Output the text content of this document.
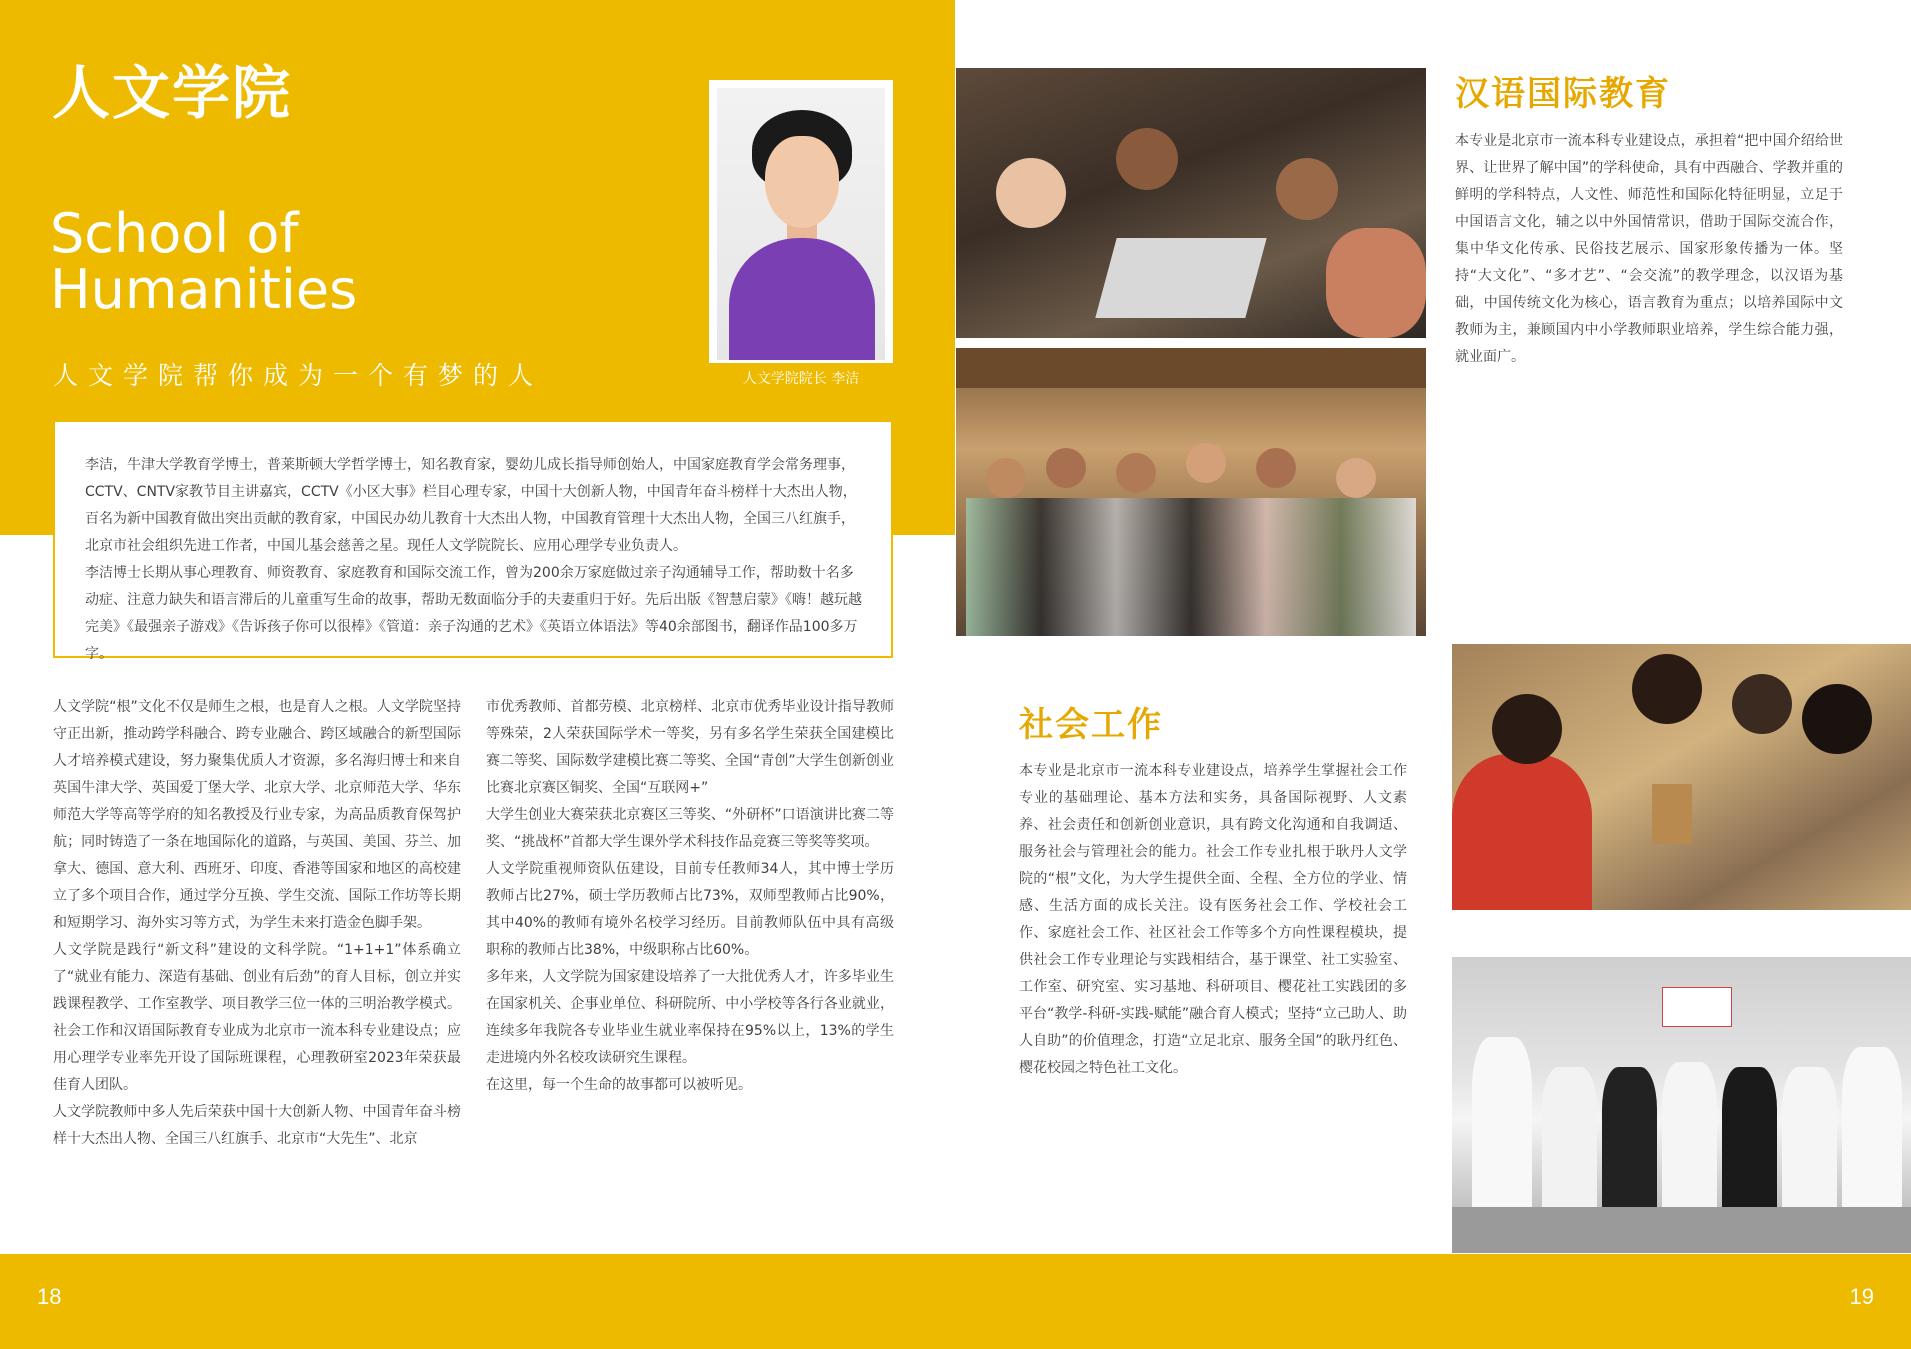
人文学院
School of
Humanities
人文学院帮你成为一个有梦的人	人文学院院长 李洁

李洁，牛津大学教育学博士，普莱斯顿大学哲学博士，知名教育家，婴幼儿成长指导师创始人，中国家庭教育学会常务理事，CCTV、CNTV家教节目主讲嘉宾，CCTV《小区大事》栏目心理专家，中国十大创新人物，中国青年奋斗榜样十大杰出人物，百名为新中国教育做出突出贡献的教育家，中国民办幼儿教育十大杰出人物，中国教育管理十大杰出人物，全国三八红旗手，北京市社会组织先进工作者，中国儿基会慈善之星。现任人文学院院长、应用心理学专业负责人。

李洁博士长期从事心理教育、师资教育、家庭教育和国际交流工作，曾为200余万家庭做过亲子沟通辅导工作，帮助数十名多动症、注意力缺失和语言滞后的儿童重写生命的故事，帮助无数面临分手的夫妻重归于好。先后出版《智慧启蒙》《嗨！越玩越完美》《最强亲子游戏》《告诉孩子你可以很棒》《管道：亲子沟通的艺术》《英语立体语法》等40余部图书，翻译作品100多万字。

人文学院“根”文化不仅是师生之根，也是育人之根。人文学院坚持守正出新，推动跨学科融合、跨专业融合、跨区域融合的新型国际人才培养模式建设，努力聚集优质人才资源，多名海归博士和来自英国牛津大学、英国爱丁堡大学、北京大学、北京师范大学、华东师范大学等高等学府的知名教授及行业专家，为高品质教育保驾护航；同时铸造了一条在地国际化的道路，与英国、美国、芬兰、加拿大、德国、意大利、西班牙、印度、香港等国家和地区的高校建立了多个项目合作，通过学分互换、学生交流、国际工作坊等长期和短期学习、海外实习等方式，为学生未来打造金色脚手架。

人文学院是践行“新文科”建设的文科学院。“1+1+1”体系确立了“就业有能力、深造有基础、创业有后劲”的育人目标，创立并实践课程教学、工作室教学、项目教学三位一体的三明治教学模式。社会工作和汉语国际教育专业成为北京市一流本科专业建设点；应用心理学专业率先开设了国际班课程，心理教研室2023年荣获最佳育人团队。

人文学院教师中多人先后荣获中国十大创新人物、中国青年奋斗榜样十大杰出人物、全国三八红旗手、北京市“大先生”、北京

市优秀教师、首都劳模、北京榜样、北京市优秀毕业设计指导教师等殊荣，2人荣获国际学术一等奖，另有多名学生荣获全国建模比赛二等奖、国际数学建模比赛二等奖、全国“青创”大学生创新创业比赛北京赛区铜奖、全国“互联网+”

大学生创业大赛荣获北京赛区三等奖、“外研杯”口语演讲比赛二等奖、“挑战杯”首都大学生课外学术科技作品竞赛三等奖等奖项。

人文学院重视师资队伍建设，目前专任教师34人，其中博士学历教师占比27%，硕士学历教师占比73%，双师型教师占比90%，其中40%的教师有境外名校学习经历。目前教师队伍中具有高级职称的教师占比38%，中级职称占比60%。

多年来，人文学院为国家建设培养了一大批优秀人才，许多毕业生在国家机关、企事业单位、科研院所、中小学校等各行各业就业，连续多年我院各专业毕业生就业率保持在95%以上，13%的学生走进境内外名校攻读研究生课程。

在这里，每一个生命的故事都可以被听见。

汉语国际教育

本专业是北京市一流本科专业建设点，承担着“把中国介绍给世界、让世界了解中国”的学科使命，具有中西融合、学教并重的鲜明的学科特点，人文性、师范性和国际化特征明显，立足于中国语言文化，辅之以中外国情常识，借助于国际交流合作，集中华文化传承、民俗技艺展示、国家形象传播为一体。坚持“大文化”、“多才艺”、“会交流”的教学理念，以汉语为基础，中国传统文化为核心，语言教育为重点；以培养国际中文教师为主，兼顾国内中小学教师职业培养，学生综合能力强，就业面广。

社会工作

本专业是北京市一流本科专业建设点，培养学生掌握社会工作专业的基础理论、基本方法和实务，具备国际视野、人文素养、社会责任和创新创业意识，具有跨文化沟通和自我调适、服务社会与管理社会的能力。社会工作专业扎根于耿丹人文学院的“根”文化，为大学生提供全面、全程、全方位的学业、情感、生活方面的成长关注。设有医务社会工作、学校社会工作、家庭社会工作、社区社会工作等多个方向性课程模块，提供社会工作专业理论与实践相结合，基于课堂、社工实验室、工作室、研究室、实习基地、科研项目、樱花社工实践团的多平台“教学-科研-实践-赋能”融合育人模式；坚持“立己助人、助人自助”的价值理念，打造“立足北京、服务全国”的耿丹红色、樱花校园之特色社工文化。

18	19
